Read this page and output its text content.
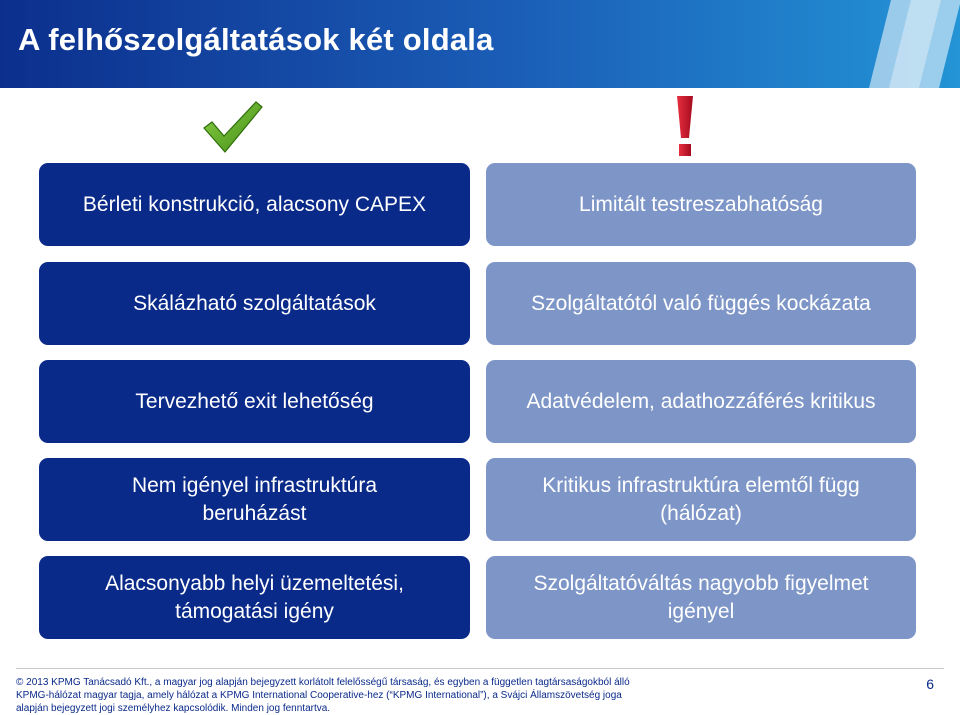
A felhőszolgáltatások két oldala
Bérleti konstrukció, alacsony CAPEX
Skálázható szolgáltatások
Tervezhető exit lehetőség
Nem igényel infrastruktúra beruházást
Alacsonyabb helyi üzemeltetési, támogatási igény
Limitált testreszabhatóság
Szolgáltatótól való függés kockázata
Adatvédelem, adathozzáférés kritikus
Kritikus infrastruktúra elemtől függ (hálózat)
Szolgáltatóváltás nagyobb figyelmet igényel
© 2013 KPMG Tanácsadó Kft., a magyar jog alapján bejegyzett korlátolt felelősségű társaság, és egyben a független tagtársaságokból álló KPMG-hálózat magyar tagja, amely hálózat a KPMG International Cooperative-hez (“KPMG International”), a Svájci Államszövetség joga alapján bejegyzett jogi személyhez kapcsolódik. Minden jog fenntartva.
6
